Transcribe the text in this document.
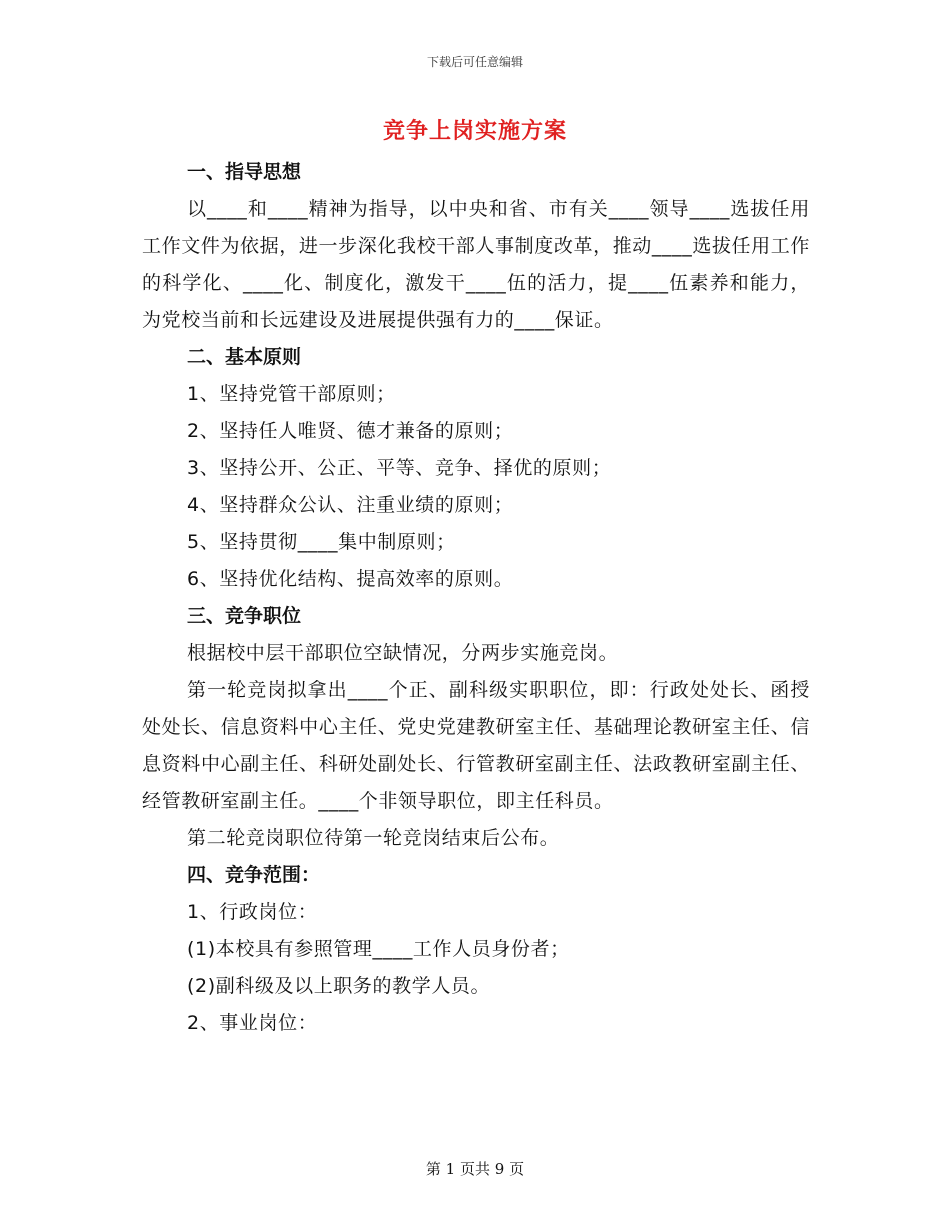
下载后可任意编辑
竞争上岗实施方案
一、指导思想
以____和____精神为指导，以中央和省、市有关____领导____选拔任用工作文件为依据，进一步深化我校干部人事制度改革，推动____选拔任用工作的科学化、____化、制度化，激发干____伍的活力，提____伍素养和能力，为党校当前和长远建设及进展提供强有力的____保证。
二、基本原则
1、坚持党管干部原则；
2、坚持任人唯贤、德才兼备的原则；
3、坚持公开、公正、平等、竞争、择优的原则；
4、坚持群众公认、注重业绩的原则；
5、坚持贯彻____集中制原则；
6、坚持优化结构、提高效率的原则。
三、竞争职位
根据校中层干部职位空缺情况，分两步实施竞岗。
第一轮竞岗拟拿出____个正、副科级实职职位，即：行政处处长、函授处处长、信息资料中心主任、党史党建教研室主任、基础理论教研室主任、信息资料中心副主任、科研处副处长、行管教研室副主任、法政教研室副主任、经管教研室副主任。____个非领导职位，即主任科员。
第二轮竞岗职位待第一轮竞岗结束后公布。
四、竞争范围：
1、行政岗位：
(1)本校具有参照管理____工作人员身份者；
(2)副科级及以上职务的教学人员。
2、事业岗位：
第 1 页共 9 页
